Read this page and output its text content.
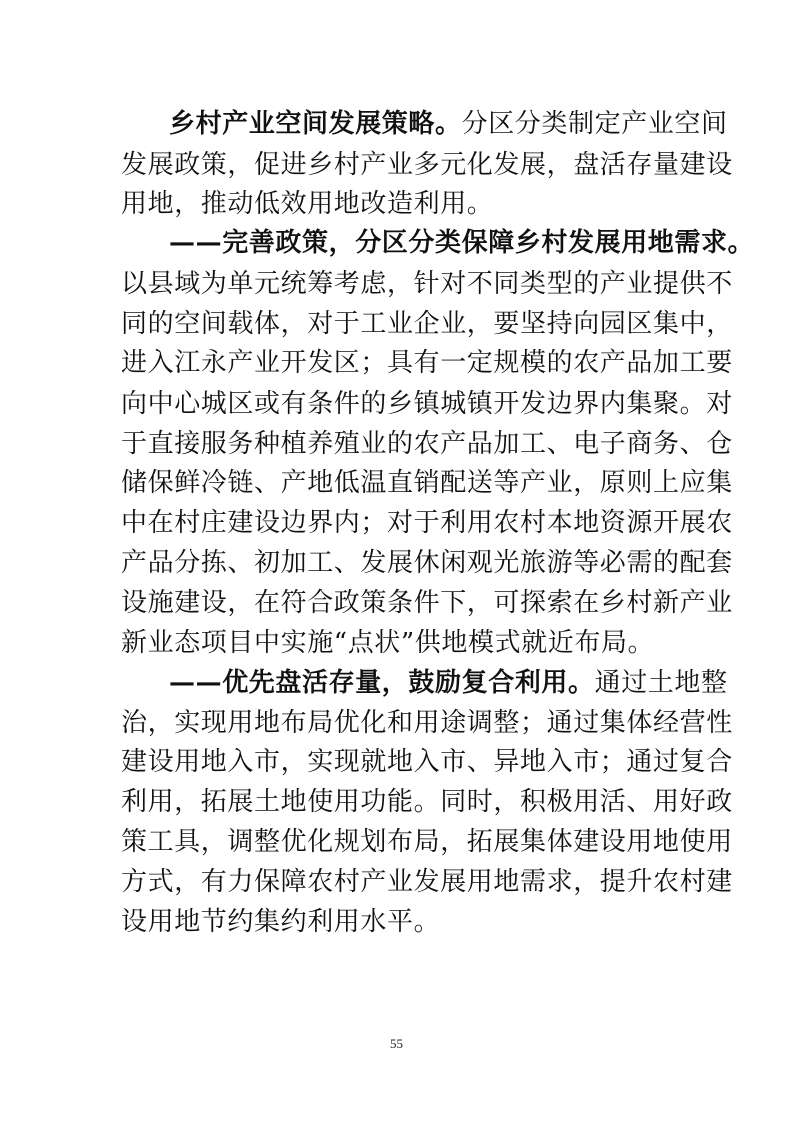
乡村产业空间发展策略。分区分类制定产业空间
发展政策，促进乡村产业多元化发展，盘活存量建设
用地，推动低效用地改造利用。
——完善政策，分区分类保障乡村发展用地需求。
以县域为单元统筹考虑，针对不同类型的产业提供不
同的空间载体，对于工业企业，要坚持向园区集中，
进入江永产业开发区；具有一定规模的农产品加工要
向中心城区或有条件的乡镇城镇开发边界内集聚。对
于直接服务种植养殖业的农产品加工、电子商务、仓
储保鲜冷链、产地低温直销配送等产业，原则上应集
中在村庄建设边界内；对于利用农村本地资源开展农
产品分拣、初加工、发展休闲观光旅游等必需的配套
设施建设，在符合政策条件下，可探索在乡村新产业
新业态项目中实施“点状”供地模式就近布局。
——优先盘活存量，鼓励复合利用。通过土地整
治，实现用地布局优化和用途调整；通过集体经营性
建设用地入市，实现就地入市、异地入市；通过复合
利用，拓展土地使用功能。同时，积极用活、用好政
策工具，调整优化规划布局，拓展集体建设用地使用
方式，有力保障农村产业发展用地需求，提升农村建
设用地节约集约利用水平。
55
